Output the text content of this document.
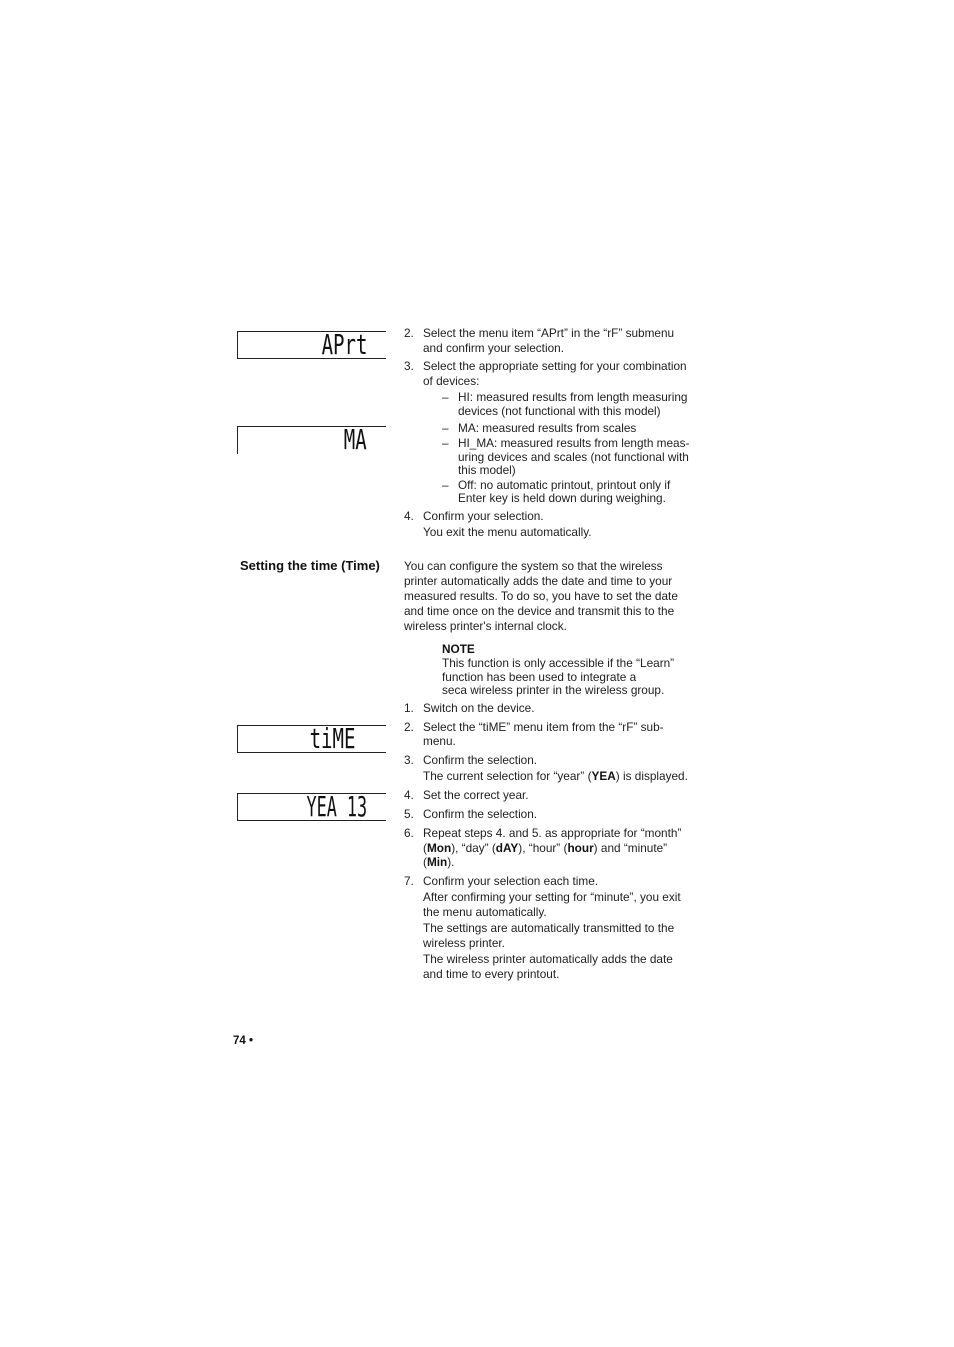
APrt
MA
tiME
YEA 13
2. Select the menu item “APrt” in the “rF” submenu
and confirm your selection.
3. Select the appropriate setting for your combination
of devices:
– HI: measured results from length measuring
devices (not functional with this model)
– MA: measured results from scales
– HI_MA: measured results from length meas-
uring devices and scales (not functional with
this model)
– Off: no automatic printout, printout only if
Enter key is held down during weighing.
4. Confirm your selection.
You exit the menu automatically.
Setting the time (Time) You can configure the system so that the wireless
printer automatically adds the date and time to your
measured results. To do so, you have to set the date
and time once on the device and transmit this to the
wireless printer's internal clock.
NOTE
This function is only accessible if the “Learn”
function has been used to integrate a
seca wireless printer in the wireless group.
1. Switch on the device.
2. Select the “tiME” menu item from the “rF” sub-
menu.
3. Confirm the selection.
The current selection for “year” (YEA) is displayed.
4. Set the correct year.
5. Confirm the selection.
6. Repeat steps 4. and 5. as appropriate for “month”
(Mon), “day” (dAY), “hour” (hour) and “minute”
(Min).
7. Confirm your selection each time.
After confirming your setting for “minute”, you exit
the menu automatically.
The settings are automatically transmitted to the
wireless printer.
The wireless printer automatically adds the date
and time to every printout.
74 •
